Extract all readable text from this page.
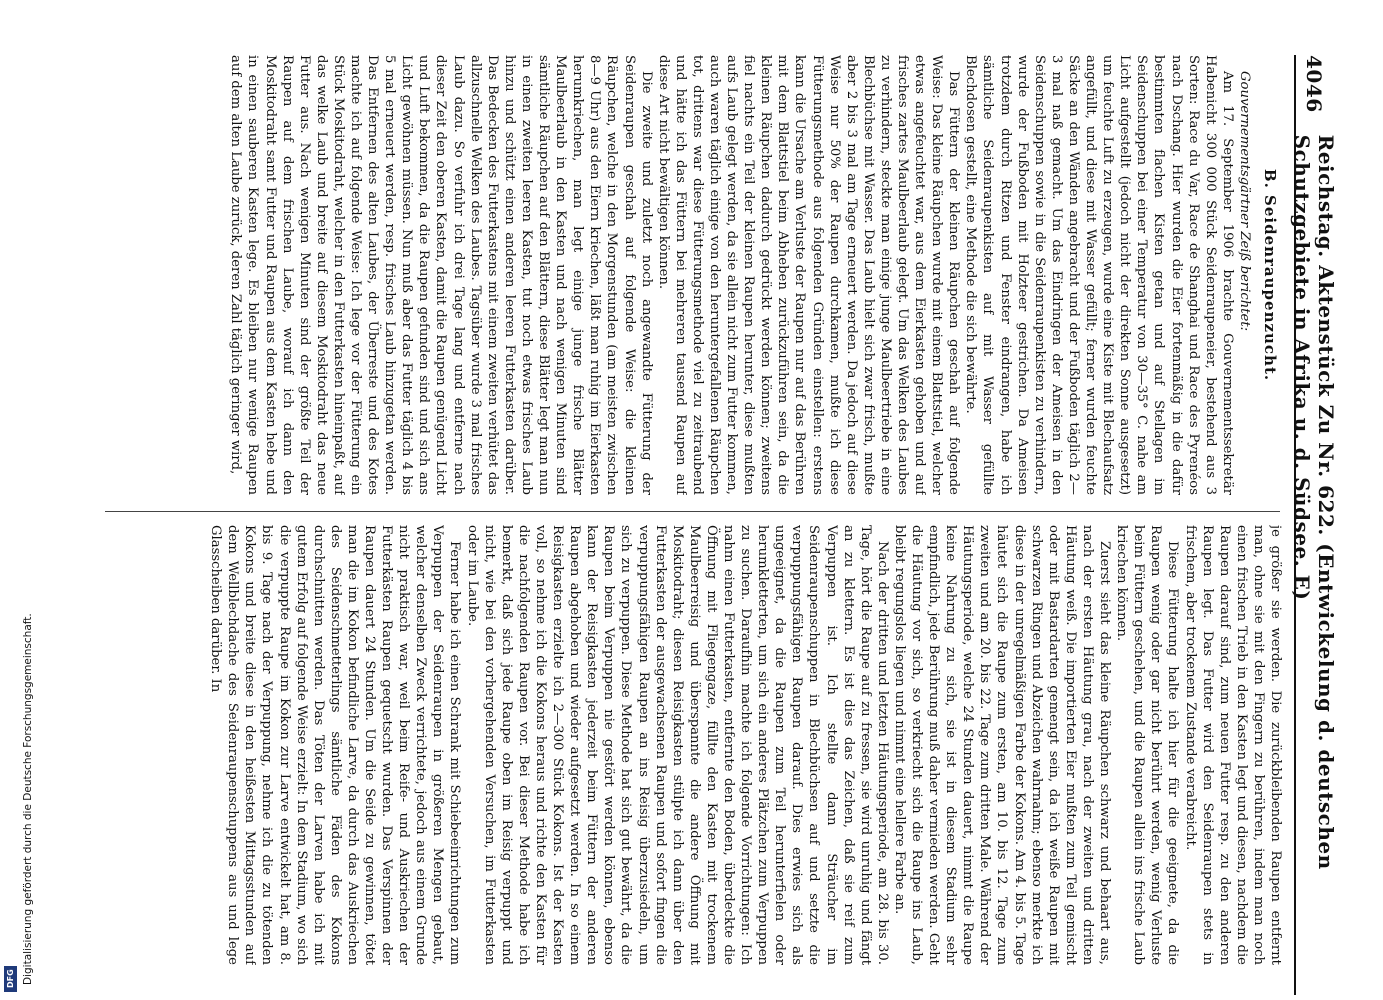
4046
Reichstag. Aktenstück Zu Nr. 622. (Entwickelung d. deutschen Schutzgebiete in Afrika u. d. Südsee. E)
B. Seidenraupenzucht.

Gouvernementsgärtner Zeiß berichtet:

Am 17. September 1906 brachte Gouvernementssekretär Habenicht 300 000 Stück Seidenraupeneier, bestehend aus 3 Sorten: Race du Var, Race de Shanghai und Race des Pyrenéos nach Dschang. Hier wurden die Eier fortenmäßig in die dafür bestimmten flachen Kisten getan und auf Stellagen im Seidenschuppen bei einer Temperatur von 30—35° C. nahe am Licht aufgestellt (jedoch nicht der direkten Sonne ausgesetzt) um feuchte Luft zu erzeugen, wurde eine Kiste mit Blechaufsatz angefüllt, und diese mit Wasser gefüllt; ferner wurden feuchte Säcke an den Wänden angebracht und der Fußboden täglich 2—3 mal naß gemacht. Um das Eindringen der Ameisen in den Seidenschuppen sowie in die Seidenraupenkisten zu verhindern, wurde der Fußboden mit Holzteer gestrichen. Da Ameisen trotzdem durch Ritzen und Fenster eindrangen, habe ich sämtliche Seidenraupenkisten auf mit Wasser gefüllte Blechdosen gestellt, eine Methode die sich bewährte.

Das Füttern der kleinen Räupchen geschah auf folgende Weise: Das kleine Räupchen wurde mit einem Blattstiel, welcher etwas angefeuchtet war, aus dem Eierkasten gehoben und auf frisches zartes Maulbeerlaub gelegt. Um das Welken des Laubes zu verhindern, steckte man einige junge Maulbeertriebe in eine Blechbüchse mit Wasser. Das Laub hielt sich zwar frisch, mußte aber 2 bis 3 mal am Tage erneuert werden. Da jedoch auf diese Weise nur 50% der Raupen durchkamen, mußte ich diese Fütterungsmethode aus folgenden Gründen einstellen: erstens kann die Ursache am Verluste der Raupen nur auf das Berühren mit dem Blattstiel beim Abheben zurückzuführen sein, da die kleinen Räupchen dadurch gedrückt werden können; zweitens fiel nachts ein Teil der kleinen Raupen herunter, diese mußten aufs Laub gelegt werden, da sie allein nicht zum Futter kommen, auch waren täglich einige von den heruntergefallenen Räupchen tot, drittens war diese Fütterungsmethode viel zu zeitraubend und hätte ich das Füttern bei mehreren tausend Raupen auf diese Art nicht bewältigen können.

Die zweite und zuletzt noch angewandte Fütterung der Seidenraupen geschah auf folgende Weise: die kleinen Räupchen, welche in den Morgenstunden (am meisten zwischen 8—9 Uhr) aus den Eiern kriechen, läßt man ruhig im Eierkasten herumkriechen, man legt einige junge frische Blätter Maulbeerlaub in den Kasten und nach wenigen Minuten sind sämtliche Räupchen auf den Blättern, diese Blätter legt man nun in einen zweiten leeren Kasten, tut noch etwas frisches Laub hinzu und schützt einen anderen leeren Futterkasten darüber. Das Bedecken des Futterkastens mit einem zweiten verhütet das allzuschnelle Welken des Laubes. Tagsüber wurde 3 mal frisches Laub dazu. So verfuhr ich drei Tage lang und entferne nach dieser Zeit den oberen Kasten, damit die Raupen genügend Licht und Luft bekommen, da die Raupen gefunden sind und sich ans Licht gewöhnen müssen. Nun muß aber das Futter täglich 4 bis 5 mal erneuert werden, resp. frisches Laub hinzugetan werden. Das Entfernen des alten Laubes, der Überreste und des Kotes machte ich auf folgende Weise: Ich lege vor der Fütterung ein Stück Moskitodraht, welcher in den Futterkasten hineinpaßt, auf das welke Laub und breite auf diesem Moskitodraht das neue Futter aus. Nach wenigen Minuten sind der größte Teil der Raupen auf dem frischen Laube, worauf ich dann den Moskitodraht samt Futter und Raupen aus dem Kasten hebe und in einen sauberen Kasten lege. Es bleiben nur wenige Raupen auf dem alten Laube zurück, deren Zahl täglich geringer wird,

je größer sie werden. Die zurückbleibenden Raupen entfernt man, ohne sie mit den Fingern zu berühren, indem man noch einen frischen Trieb in den Kasten legt und diesen, nachdem die Raupen darauf sind, zum neuen Futter resp. zu den anderen Raupen legt. Das Futter wird den Seidenraupen stets in frischem, aber trockenem Zustande verabreicht.

Diese Fütterung halte ich hier für die geeignete, da die Raupen wenig oder gar nicht berührt werden, wenig Verluste beim Füttern geschehen, und die Raupen allein ins frische Laub kriechen können.

Zuerst sieht das kleine Räupchen schwarz und behaart aus, nach der ersten Häutung grau, nach der zweiten und dritten Häutung weiß. Die importierten Eier mußten zum Teil gemischt oder mit Bastardarten gemengt sein, da ich weiße Raupen mit schwarzen Ringen und Abzeichen wahrnahm; ebenso merkte ich diese in der unregelmäßigen Farbe der Kokons. Am 4. bis 5. Tage häutet sich die Raupe zum ersten, am 10. bis 12. Tage zum zweiten und am 20. bis 22. Tage zum dritten Male. Während der Häutungsperiode, welche 24 Stunden dauert, nimmt die Raupe keine Nahrung zu sich, sie ist in diesem Stadium sehr empfindlich, jede Berührung muß daher vermieden werden. Geht die Häutung vor sich, so verkriecht sich die Raupe ins Laub, bleibt regungslos liegen und nimmt eine hellere Farbe an.

Nach der dritten und letzten Häutungsperiode, am 28. bis 30. Tage, hört die Raupe auf zu fressen, sie wird unruhig und fängt an zu klettern. Es ist dies das Zeichen, daß sie reif zum Verpuppen ist. Ich stellte dann Sträucher im Seidenraupenschuppen in Blechbüchsen auf und setzte die verpuppungsfähigen Raupen darauf. Dies erwies sich als ungeeignet, da die Raupen zum Teil herunterfielen oder herumkletterten, um sich ein anderes Plätzchen zum Verpuppen zu suchen. Daraufhin machte ich folgende Vorrichtungen: Ich nahm einen Futterkasten, entfernte den Boden, überdeckte die Öffnung mit Fliegengaze, füllte den Kasten mit trockenem Maulbeerreisig und überspannte die andere Öffnung mit Moskitodraht; diesen Reisigkasten stülpte ich dann über den Futterkasten der ausgewachsenen Raupen und sofort fingen die verpuppungsfähigen Raupen an ins Reisig überzusiedeln, um sich zu verpuppen. Diese Methode hat sich gut bewährt, da die Raupen beim Verpuppen nie gestört werden können, ebenso kann der Reisigkasten jederzeit beim Füttern der anderen Raupen abgehoben und wieder aufgesetzt werden. In so einem Reisigkasten erzielte ich 2—300 Stück Kokons. Ist der Kasten voll, so nehme ich die Kokons heraus und richte den Kasten für die nachfolgenden Raupen vor. Bei dieser Methode habe ich bemerkt, daß sich jede Raupe oben im Reisig verpuppt und nicht, wie bei den vorhergehenden Versuchen, im Futterkasten oder im Laube.

Ferner habe ich einen Schrank mit Schiebeeinrichtungen zum Verpuppen der Seidenraupen in größeren Mengen gebaut, welcher denselben Zweck verrichtete, jedoch aus einem Grunde nicht praktisch war, weil beim Reife- und Auskriechen der Futterkästen Raupen gequetscht wurden. Das Verspinnen der Raupen dauert 24 Stunden. Um die Seide zu gewinnen, tötet man die im Kokon befindliche Larve, da durch das Auskriechen des Seidenschmetterlings sämtliche Fäden des Kokons durchschnitten werden. Das Töten der Larven habe ich mit gutem Erfolg auf folgende Weise erzielt: In dem Stadium, wo sich die verpuppte Raupe im Kokon zur Larve entwickelt hat, am 8. bis 9. Tage nach der Verpuppung, nehme ich die zu tötenden Kokons und breite diese in den heißesten Mittagsstunden auf dem Wellblechdache des Seidenraupenschuppens aus und lege Glasscheiben darüber. In

Digitalisierung gefördert durch die Deutsche Forschungsgemeinschaft.
DFG
